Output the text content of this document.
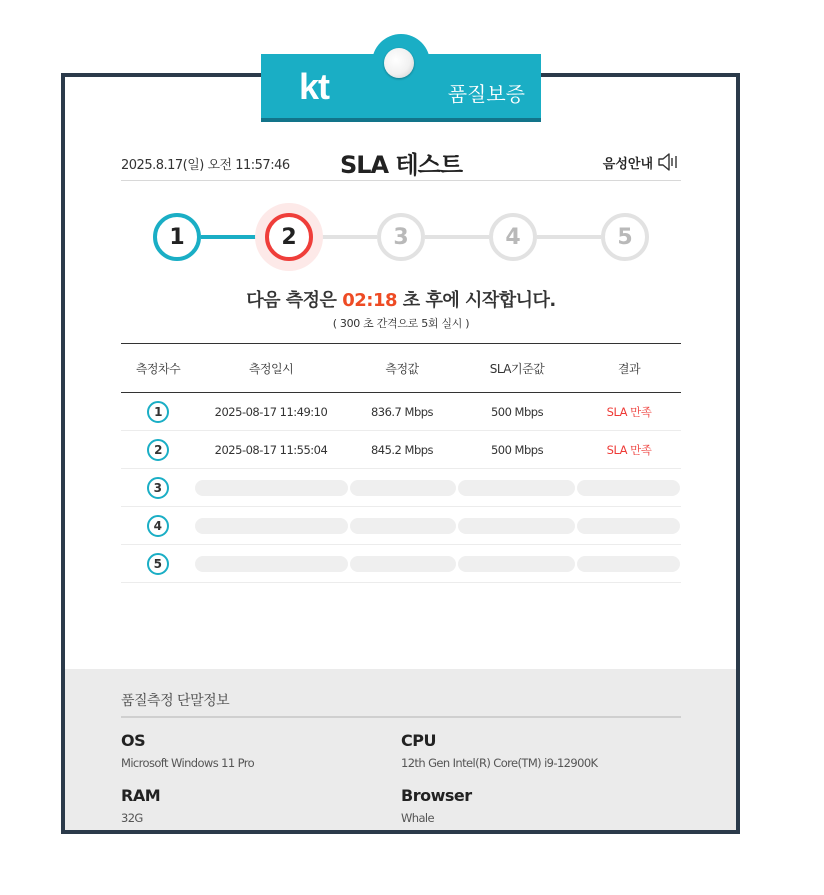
kt	품질보증
2025.8.17(일) 오전 11:57:46	SLA 테스트	음성안내
1	2	3	4	5
다음 측정은 02:18 초 후에 시작합니다.
( 300 초 간격으로 5회 실시 )
측정차수	측정일시	측정값	SLA기준값	결과
1	2025-08-17 11:49:10	836.7 Mbps	500 Mbps	SLA 만족
2	2025-08-17 11:55:04	845.2 Mbps	500 Mbps	SLA 만족
3
4
5
품질측정 단말정보
OS
Microsoft Windows 11 Pro
CPU
12th Gen Intel(R) Core(TM) i9-12900K
RAM
32G
Browser
Whale
